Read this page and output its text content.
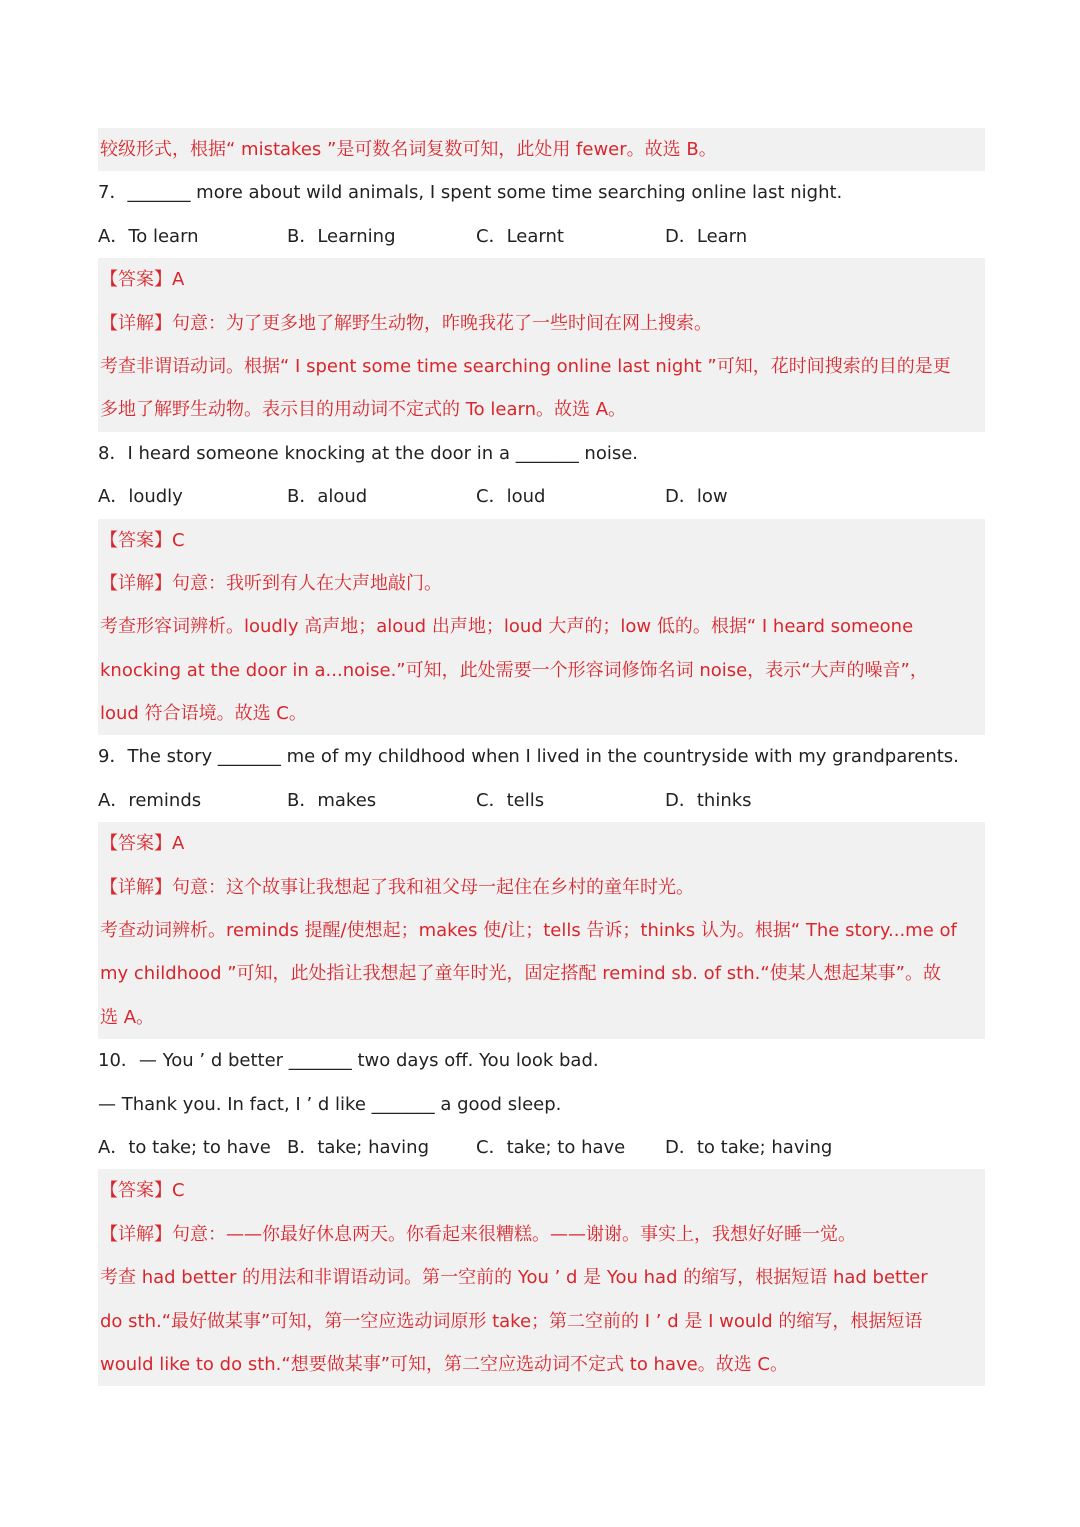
较级形式，根据“ mistakes ”是可数名词复数可知，此处用 fewer。故选 B。
7．_______ more about wild animals, I spent some time searching online last night.
A．To learn	B．Learning	C．Learnt	D．Learn
【答案】A
【详解】句意：为了更多地了解野生动物，昨晚我花了一些时间在网上搜索。
考查非谓语动词。根据“ I spent some time searching online last night ”可知，花时间搜索的目的是更
多地了解野生动物。表示目的用动词不定式的 To learn。故选 A。
8．I heard someone knocking at the door in a _______ noise.
A．loudly	B．aloud	C．loud	D．low
【答案】C
【详解】句意：我听到有人在大声地敲门。
考查形容词辨析。loudly 高声地；aloud 出声地；loud 大声的；low 低的。根据“ I heard someone
knocking at the door in a...noise.”可知，此处需要一个形容词修饰名词 noise，表示“大声的噪音”，
loud 符合语境。故选 C。
9．The story _______ me of my childhood when I lived in the countryside with my grandparents.
A．reminds	B．makes	C．tells	D．thinks
【答案】A
【详解】句意：这个故事让我想起了我和祖父母一起住在乡村的童年时光。
考查动词辨析。reminds 提醒/使想起；makes 使/让；tells 告诉；thinks 认为。根据“ The story...me of
my childhood ”可知，此处指让我想起了童年时光，固定搭配 remind sb. of sth.“使某人想起某事”。故
选 A。
10．— You ’ d better _______ two days off. You look bad.
— Thank you. In fact, I ’ d like _______ a good sleep.
A．to take; to have B．take; having	C．take; to have	D．to take; having
【答案】C
【详解】句意：——你最好休息两天。你看起来很糟糕。——谢谢。事实上，我想好好睡一觉。
考查 had better 的用法和非谓语动词。第一空前的 You ’ d 是 You had 的缩写，根据短语 had better
do sth.“最好做某事”可知，第一空应选动词原形 take；第二空前的 I ’ d 是 I would 的缩写，根据短语
would like to do sth.“想要做某事”可知，第二空应选动词不定式 to have。故选 C。
